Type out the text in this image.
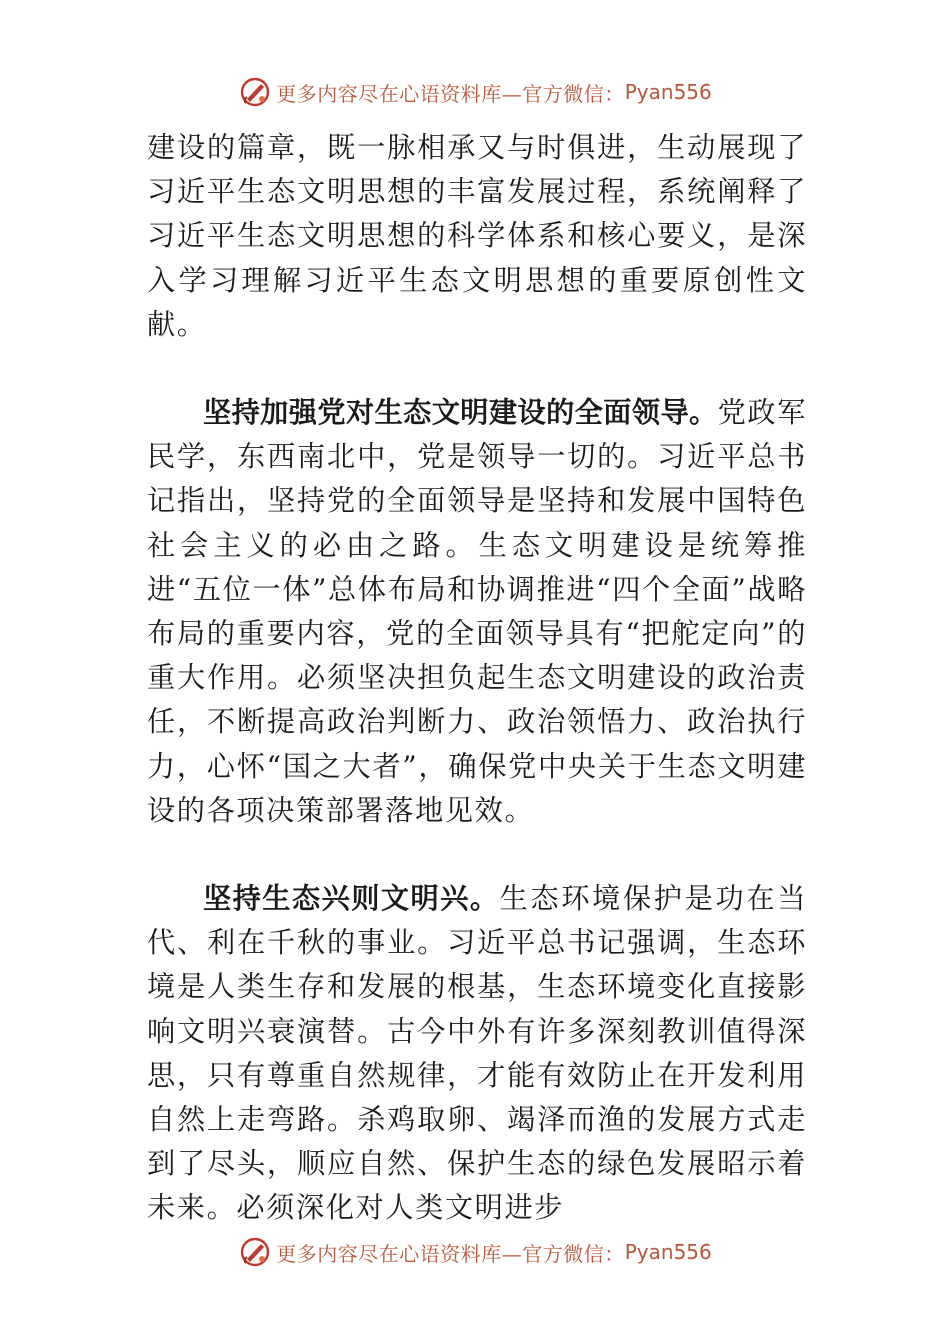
更多内容尽在心语资料库—官方微信： Pyan556

建设的篇章，既一脉相承又与时俱进，生动展现了习近平生态文明思想的丰富发展过程，系统阐释了习近平生态文明思想的科学体系和核心要义，是深入学习理解习近平生态文明思想的重要原创性文献。

坚持加强党对生态文明建设的全面领导。党政军民学，东西南北中，党是领导一切的。习近平总书记指出，坚持党的全面领导是坚持和发展中国特色社会主义的必由之路。生态文明建设是统筹推进“五位一体”总体布局和协调推进“四个全面”战略布局的重要内容，党的全面领导具有“把舵定向”的重大作用。必须坚决担负起生态文明建设的政治责任，不断提高政治判断力、政治领悟力、政治执行力，心怀“国之大者”，确保党中央关于生态文明建设的各项决策部署落地见效。

坚持生态兴则文明兴。生态环境保护是功在当代、利在千秋的事业。习近平总书记强调，生态环境是人类生存和发展的根基，生态环境变化直接影响文明兴衰演替。古今中外有许多深刻教训值得深思，只有尊重自然规律，才能有效防止在开发利用自然上走弯路。杀鸡取卵、竭泽而渔的发展方式走到了尽头，顺应自然、保护生态的绿色发展昭示着未来。必须深化对人类文明进步

更多内容尽在心语资料库—官方微信： Pyan556
